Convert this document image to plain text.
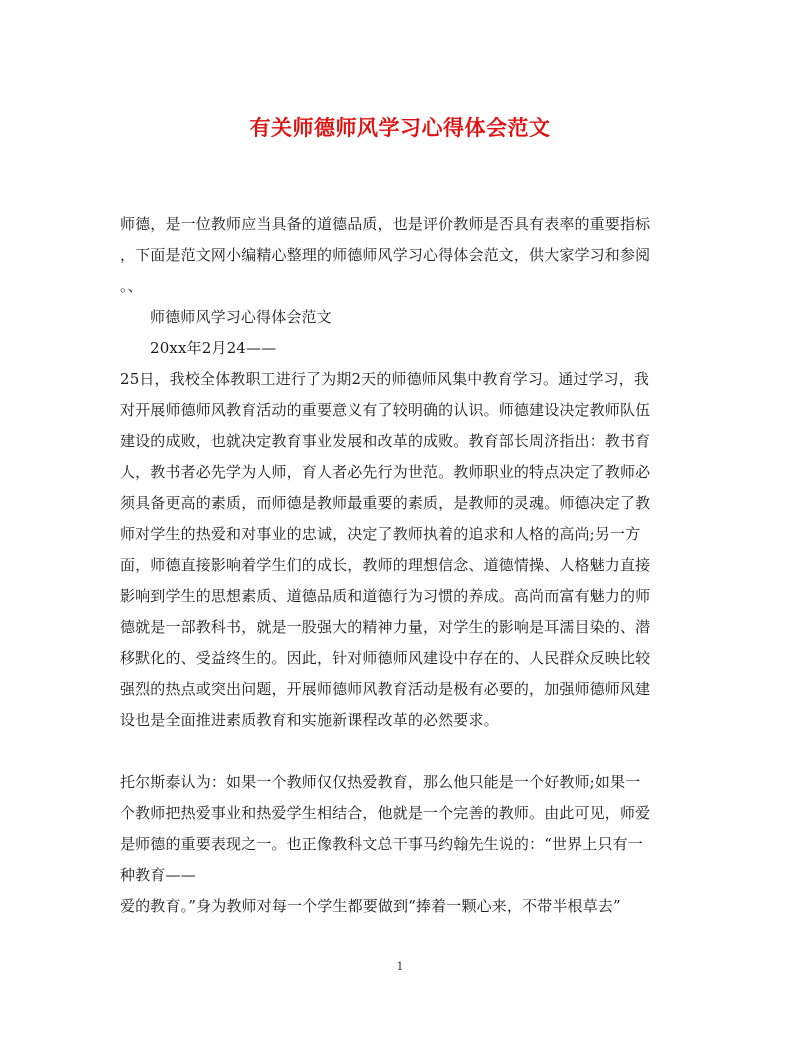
有关师德师风学习心得体会范文
师德，是一位教师应当具备的道德品质，也是评价教师是否具有表率的重要指标
，下面是范文网小编精心整理的师德师风学习心得体会范文，供大家学习和参阅
。、
师德师风学习心得体会范文
20xx年2月24——
25日，我校全体教职工进行了为期2天的师德师风集中教育学习。通过学习，我
对开展师德师风教育活动的重要意义有了较明确的认识。师德建设决定教师队伍
建设的成败，也就决定教育事业发展和改革的成败。教育部长周济指出：教书育
人，教书者必先学为人师，育人者必先行为世范。教师职业的特点决定了教师必
须具备更高的素质，而师德是教师最重要的素质，是教师的灵魂。师德决定了教
师对学生的热爱和对事业的忠诚，决定了教师执着的追求和人格的高尚;另一方
面，师德直接影响着学生们的成长，教师的理想信念、道德情操、人格魅力直接
影响到学生的思想素质、道德品质和道德行为习惯的养成。高尚而富有魅力的师
德就是一部教科书，就是一股强大的精神力量，对学生的影响是耳濡目染的、潜
移默化的、受益终生的。因此，针对师德师风建设中存在的、人民群众反映比较
强烈的热点或突出问题，开展师德师风教育活动是极有必要的，加强师德师风建
设也是全面推进素质教育和实施新课程改革的必然要求。
托尔斯泰认为：如果一个教师仅仅热爱教育，那么他只能是一个好教师;如果一
个教师把热爱事业和热爱学生相结合，他就是一个完善的教师。由此可见，师爱
是师德的重要表现之一。也正像教科文总干事马约翰先生说的：“世界上只有一
种教育——
爱的教育。”身为教师对每一个学生都要做到“捧着一颗心来，不带半根草去”
1
